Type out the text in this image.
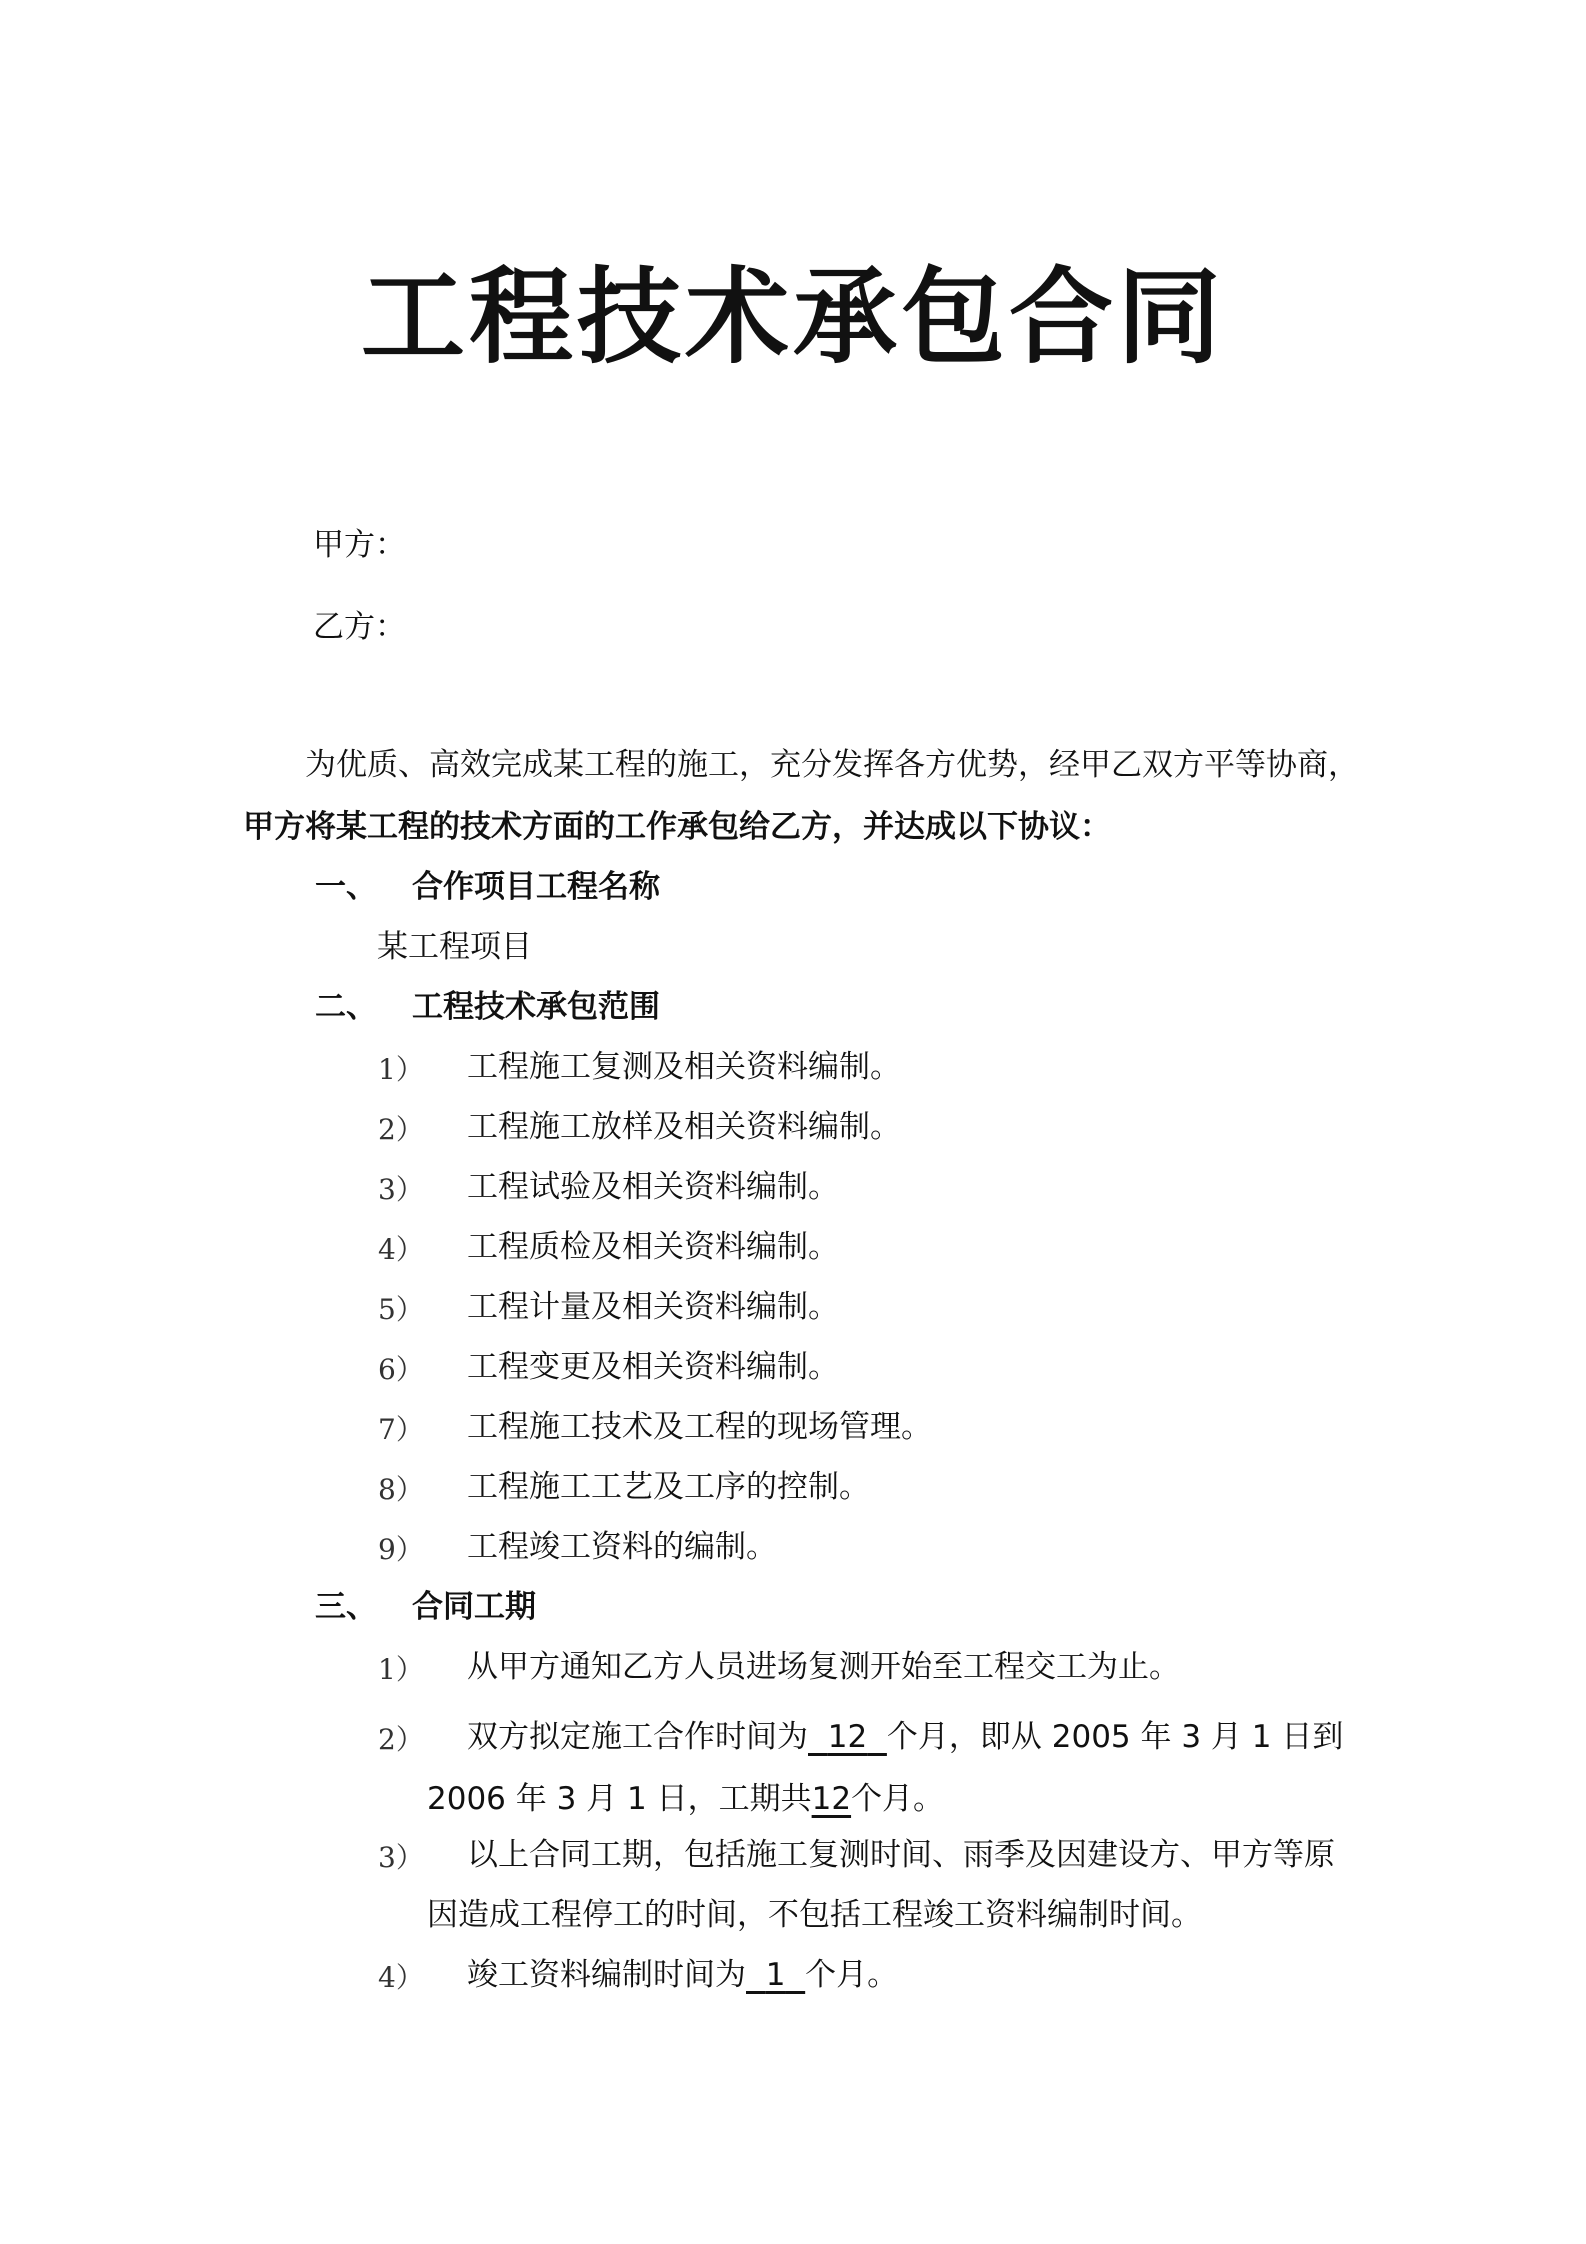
工程技术承包合同
甲方：
乙方：
为优质、高效完成某工程的施工，充分发挥各方优势，经甲乙双方平等协商，
甲方将某工程的技术方面的工作承包给乙方，并达成以下协议：
一、 合作项目工程名称
某工程项目
二、 工程技术承包范围
1） 工程施工复测及相关资料编制。
2） 工程施工放样及相关资料编制。
3） 工程试验及相关资料编制。
4） 工程质检及相关资料编制。
5） 工程计量及相关资料编制。
6） 工程变更及相关资料编制。
7） 工程施工技术及工程的现场管理。
8） 工程施工工艺及工序的控制。
9） 工程竣工资料的编制。
三、 合同工期
1） 从甲方通知乙方人员进场复测开始至工程交工为止。
2） 双方拟定施工合作时间为 12 个月，即从 2005 年 3 月 1 日到
2006 年 3 月 1 日，工期共12个月。
3） 以上合同工期，包括施工复测时间、雨季及因建设方、甲方等原
因造成工程停工的时间，不包括工程竣工资料编制时间。
4） 竣工资料编制时间为 1 个月。
